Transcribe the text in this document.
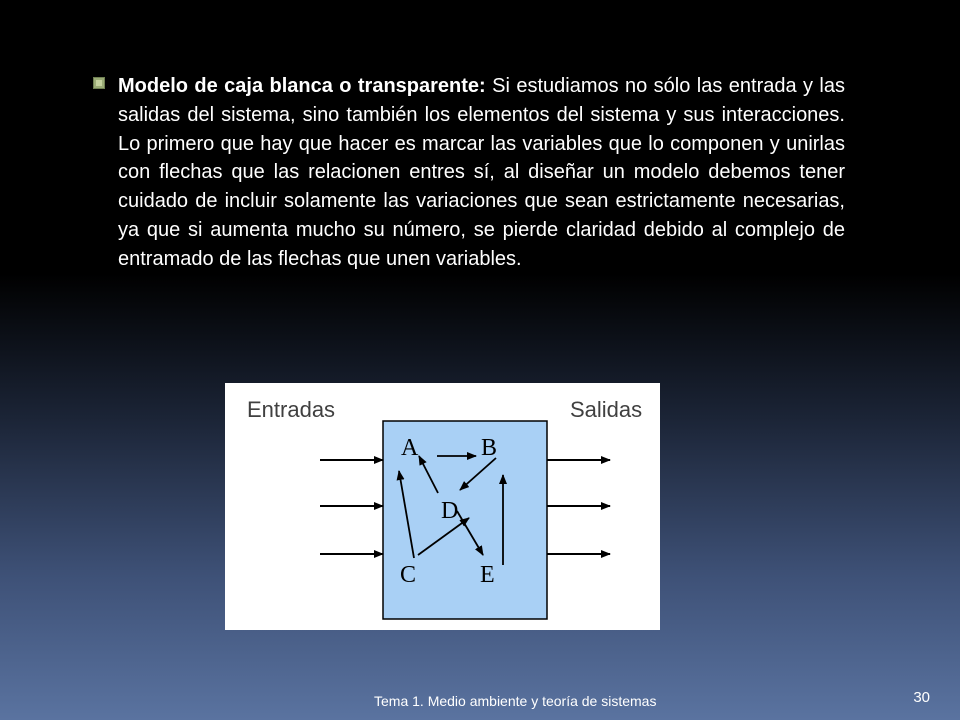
Modelo de caja blanca o transparente: Si estudiamos no sólo las entrada y las salidas del sistema, sino también los elementos del sistema y sus interacciones. Lo primero que hay que hacer es marcar las variables que lo componen y unirlas con flechas que las relacionen entres sí, al diseñar un modelo debemos tener cuidado de incluir solamente las variaciones que sean estrictamente necesarias, ya que si aumenta mucho su número, se pierde claridad debido al complejo de entramado de las flechas que unen variables.

Entradas	Salidas
A	B
D
C	E
Tema 1. Medio ambiente y teoría de sistemas	30
